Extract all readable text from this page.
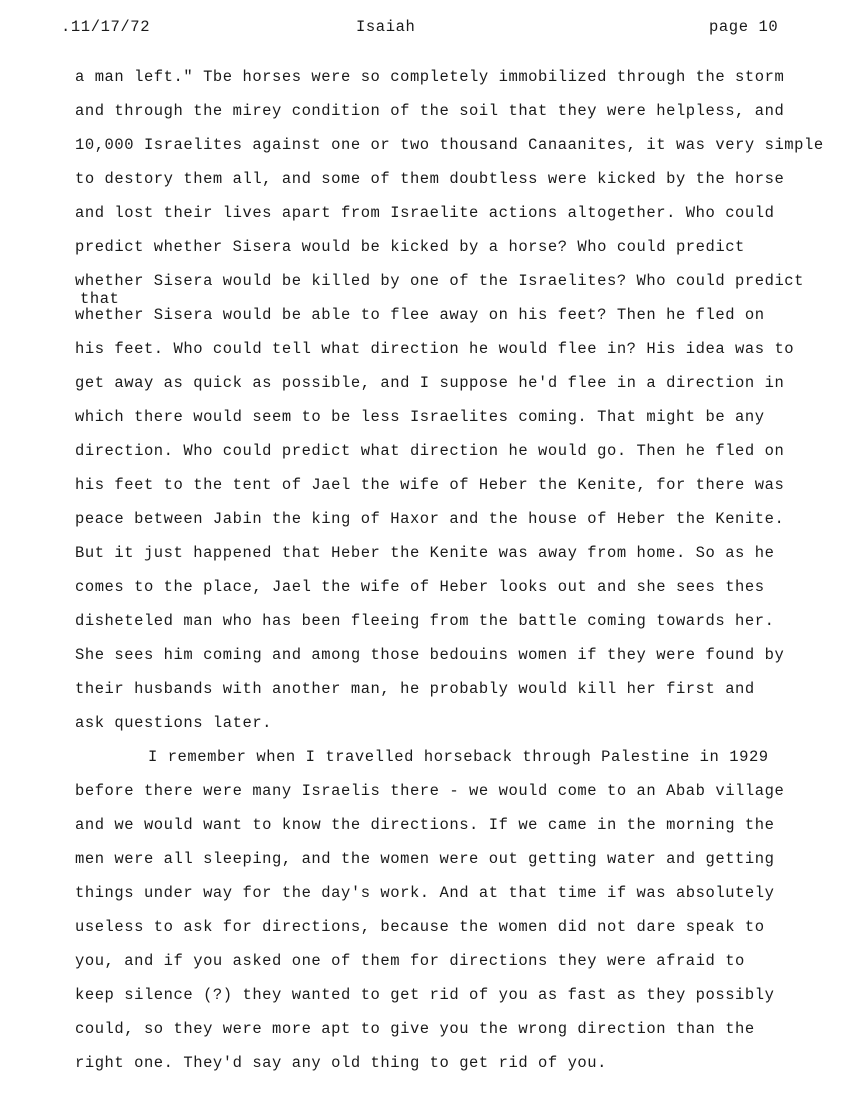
.11/17/72	Isaiah	page 10
that
a man left." Tbe horses were so completely immobilized through the storm
and through the mirey condition of the soil that they were helpless, and
10,000 Israelites against one or two thousand Canaanites, it was very simple
to destory them all, and some of them doubtless were kicked by the horse
and lost their lives apart from Israelite actions altogether. Who could
predict whether Sisera would be kicked by a horse? Who could predict
whether Sisera would be killed by one of the Israelites? Who could predict
whether Sisera would be able to flee away on his feet? Then he fled on
his feet. Who could tell what direction he would flee in? His idea was to
get away as quick as possible, and I suppose he'd flee in a direction in
which there would seem to be less Israelites coming. That might be any
direction. Who could predict what direction he would go. Then he fled on
his feet to the tent of Jael the wife of Heber the Kenite, for there was
peace between Jabin the king of Haxor and the house of Heber the Kenite.
But it just happened that Heber the Kenite was away from home. So as he
comes to the place, Jael the wife of Heber looks out and she sees thes
disheteled man who has been fleeing from the battle coming towards her.
She sees him coming and among those bedouins women if they were found by
their husbands with another man, he probably would kill her first and
ask questions later.
I remember when I travelled horseback through Palestine in 1929
before there were many Israelis there - we would come to an Abab village
and we would want to know the directions. If we came in the morning the
men were all sleeping, and the women were out getting water and getting
things under way for the day's work. And at that time if was absolutely
useless to ask for directions, because the women did not dare speak to
you, and if you asked one of them for directions they were afraid to
keep silence (?) they wanted to get rid of you as fast as they possibly
could, so they were more apt to give you the wrong direction than the
right one. They'd say any old thing to get rid of you.
